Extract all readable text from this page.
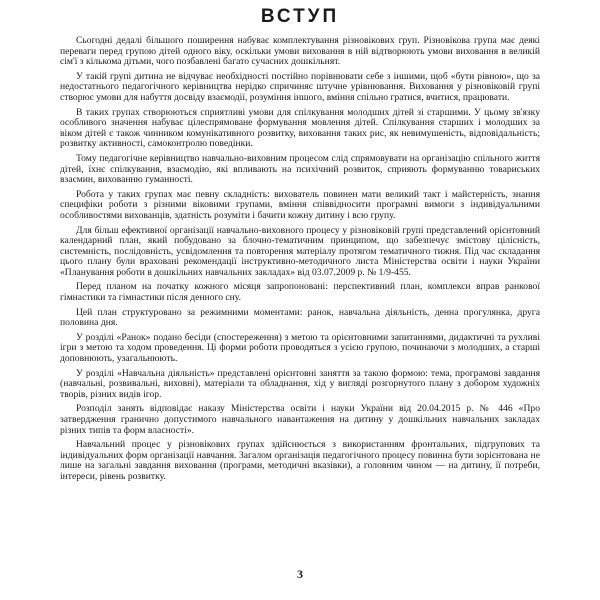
ВСТУП

Сьогодні дедалі більшого поширення набуває комплектування різновікових груп. Різновікова група має деякі переваги перед групою дітей одного віку, оскільки умови виховання в ній відтворюють умови виховання в великій сім'ї з кількома дітьми, чого позбавлені багато сучасних дошкільнят.

У такій групі дитина не відчуває необхідності постійно порівнювати себе з іншими, щоб «бути рівною», що за недостатнього педагогічного керівництва нерідко спричиняє штучне урівнювання. Виховання у різновіковій групі створює умови для набуття досвіду взаємодії, розуміння іншого, вміння спільно гратися, вчитися, працювати.

В таких групах створюються сприятливі умови для спілкування молодших дітей зі старшими. У цьому зв'язку особливого значення набуває цілеспрямоване формування мовлення дітей. Спілкування старших і молодших за віком дітей є також чинником комунікативного розвитку, виховання таких рис, як невимушеність, відповідальність; розвитку активності, самоконтролю поведінки.

Тому педагогічне керівництво навчально-виховним процесом слід спрямовувати на організацію спільного життя дітей, їхнє спілкування, взаємодію, які впливають на психічний розвиток, сприяють формуванню товариських взаємин, вихованню гуманності.

Робота у таких групах має певну складність: вихователь повинен мати великий такт і майстерність, знання специфіки роботи з різними віковими групами, вміння співвідносити програмні вимоги з індивідуальними особливостями вихованців, здатність розуміти і бачити кожну дитину і всю групу.

Для більш ефективної організації навчально-виховного процесу у різновіковій групі представлений орієнтовний календарний план, який побудовано за блочно-тематичним принципом, що забезпечує змістову цілісність, системність, послідовність, усвідомлення та повторення матеріалу протягом тематичного тижня. Під час складання цього плану були враховані рекомендації інструктивно-методичного листа Міністерства освіти і науки України «Планування роботи в дошкільних навчальних закладах» від 03.07.2009 р. № 1/9-455.

Перед планом на початку кожного місяця запропоновані: перспективний план, комплекси вправ ранкової гімнастики та гімнастики після денного сну.

Цей план структуровано за режимними моментами: ранок, навчальна діяльність, денна прогулянка, друга половина дня.

У розділі «Ранок» подано бесіди (спостереження) з метою та орієнтовними запитаннями, дидактичні та рухливі ігри з метою та ходом проведення. Ці форми роботи проводяться з усією групою, починаючи з молодших, а старші доповнюють, узагальнюють.

У розділі «Навчальна діяльність» представлені орієнтовні заняття за такою формою: тема, програмові завдання (навчальні, розвивальні, виховні), матеріали та обладнання, хід у вигляді розгорнутого плану з добором художніх творів, різних видів ігор.

Розподіл занять відповідає наказу Міністерства освіти і науки України від 20.04.2015 р. № 446 «Про затвердження гранично допустимого навчального навантаження на дитину у дошкільних навчальних закладах різних типів та форм власності».

Навчальний процес у різновікових групах здійснюється з використанням фронтальних, підгрупових та індивідуальних форм організації навчання. Загалом організація педагогічного процесу повинна бути зорієнтована не лише на загальні завдання виховання (програми, методичні вказівки), а головним чином — на дитину, її потреби, інтереси, рівень розвитку.

3
